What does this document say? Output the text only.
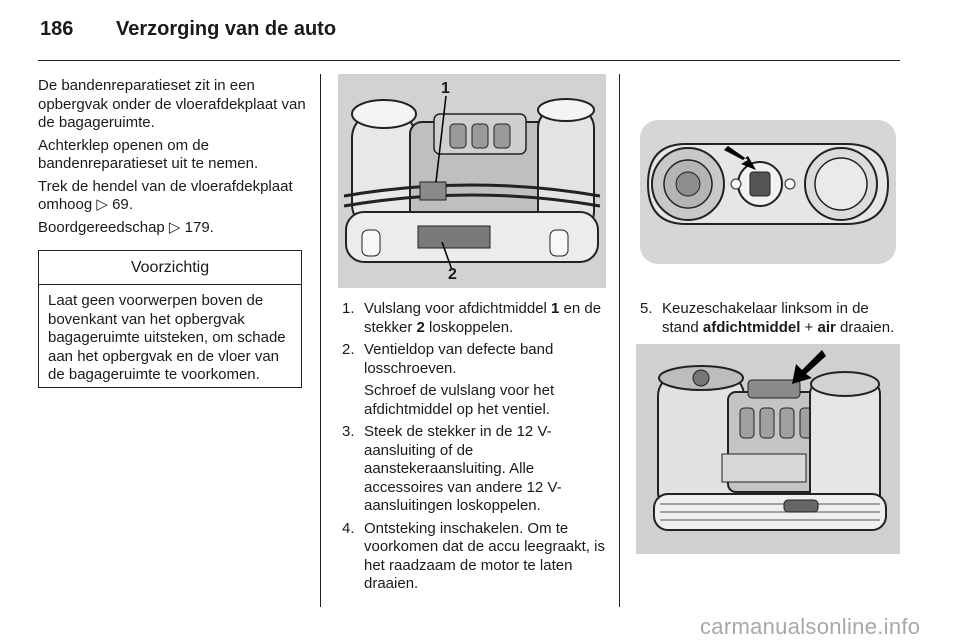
186 Verzorging van de auto

De bandenreparatieset zit in een opbergvak onder de vloerafdekplaat van de bagageruimte.

Achterklep openen om de bandenreparatieset uit te nemen.

Trek de hendel van de vloerafdekplaat omhoog ▷ 69.

Boordgereedschap ▷ 179.

Voorzichtig
Laat geen voorwerpen boven de bovenkant van het opbergvak bagageruimte uitsteken, om schade aan het opbergvak en de vloer van de bagageruimte te voorkomen.
1
2
1. Vulslang voor afdichtmiddel 1 en de stekker 2 loskoppelen.
2. Ventieldop van defecte band losschroeven.
Schroef de vulslang voor het afdichtmiddel op het ventiel.
3. Steek de stekker in de 12 V-aansluiting of de aanstekeraansluiting. Alle accessoires van andere 12 V-aansluitingen loskoppelen.
4. Ontsteking inschakelen. Om te voorkomen dat de accu leegraakt, is het raadzaam de motor te laten draaien.
5. Keuzeschakelaar linksom in de stand afdichtmiddel + air draaien.
carmanualsonline.info
